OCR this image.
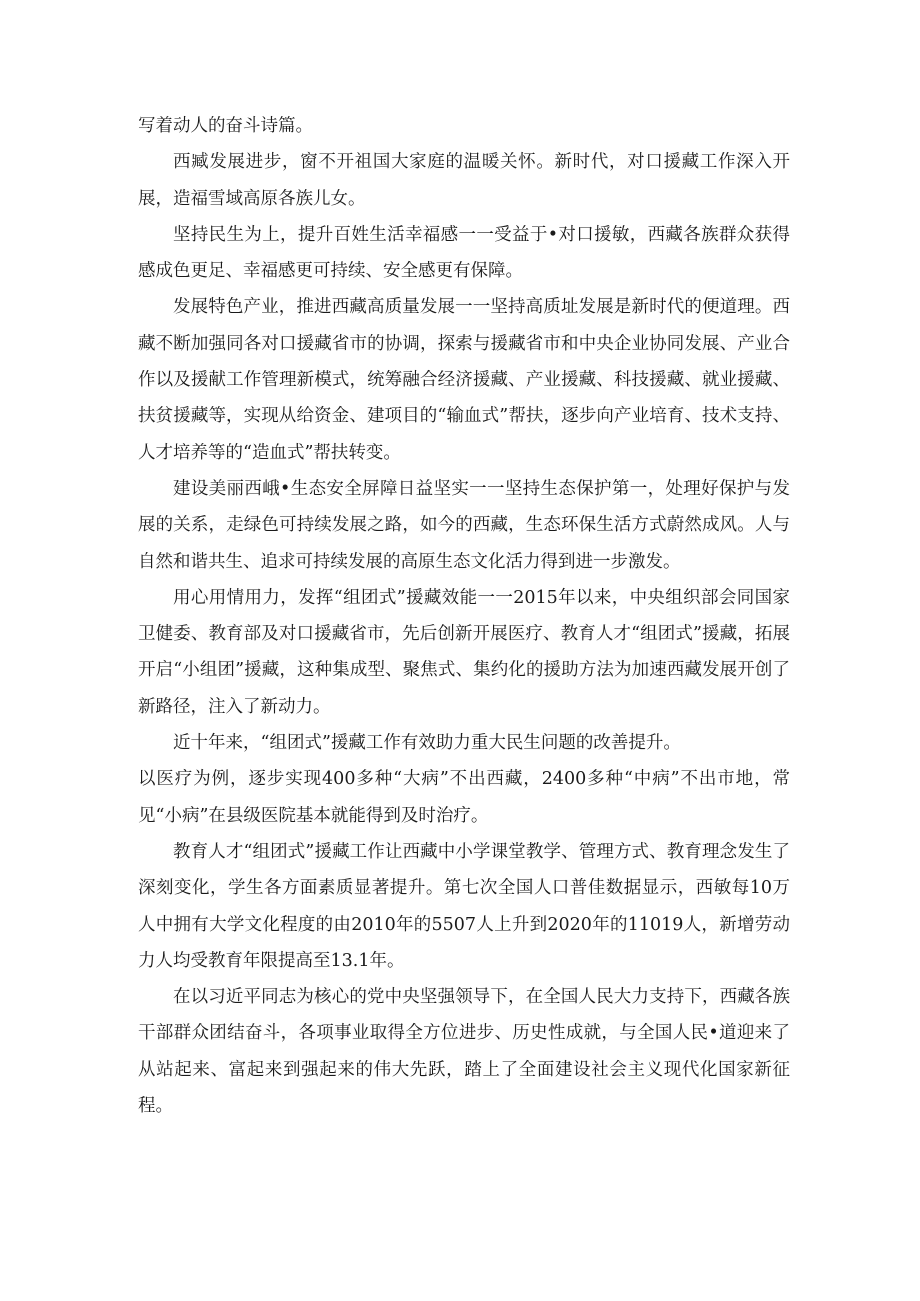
写着动人的奋斗诗篇。

西臧发展进步，窗不开祖国大家庭的温暖关怀。新时代，对口援藏工作深入开展，造福雪域高原各族儿女。

坚持民生为上，提升百姓生活幸福感一一受益于•对口援敏，西藏各族群众获得感成色更足、幸福感更可持续、安全感更有保障。

发展特色产业，推进西藏高质量发展一一坚持高质址发展是新时代的便道理。西藏不断加强同各对口援藏省市的协调，探索与援藏省市和中央企业协同发展、产业合作以及援献工作管理新模式，统筹融合经济援藏、产业援藏、科技援藏、就业援藏、扶贫援藏等，实现从给资金、建项目的“输血式”帮扶，逐步向产业培育、技术支持、人才培养等的“造血式”帮扶转变。

建设美丽西峨•生态安全屏障日益坚实一一坚持生态保护第一，处理好保护与发展的关系，走绿色可持续发展之路，如今的西藏，生态环保生活方式蔚然成风。人与自然和谐共生、追求可持续发展的高原生态文化活力得到进一步激发。

用心用情用力，发挥“组团式”援藏效能一一2015年以来，中央组织部会同国家卫健委、教育部及对口援藏省市，先后创新开展医疗、教育人才“组团式”援藏，拓展开启“小组团”援藏，这种集成型、聚焦式、集约化的援助方法为加速西藏发展开创了新路径，注入了新动力。

近十年来，“组团式”援藏工作有效助力重大民生问题的改善提升。

以医疗为例，逐步实现400多种“大病”不出西藏，2400多种“中病”不出市地，常见“小病”在县级医院基本就能得到及时治疗。

教育人才“组团式”援藏工作让西藏中小学课堂教学、管理方式、教育理念发生了深刻变化，学生各方面素质显著提升。第七次全国人口普佳数据显示，西敏每10万人中拥有大学文化程度的由2010年的5507人上升到2020年的11019人，新增劳动力人均受教育年限提高至13.1年。

在以习近平同志为核心的党中央坚强领导下，在全国人民大力支持下，西藏各族干部群众团结奋斗，各项事业取得全方位进步、历史性成就，与全国人民•道迎来了从站起来、富起来到强起来的伟大先跃，踏上了全面建设社会主义现代化国家新征程。
